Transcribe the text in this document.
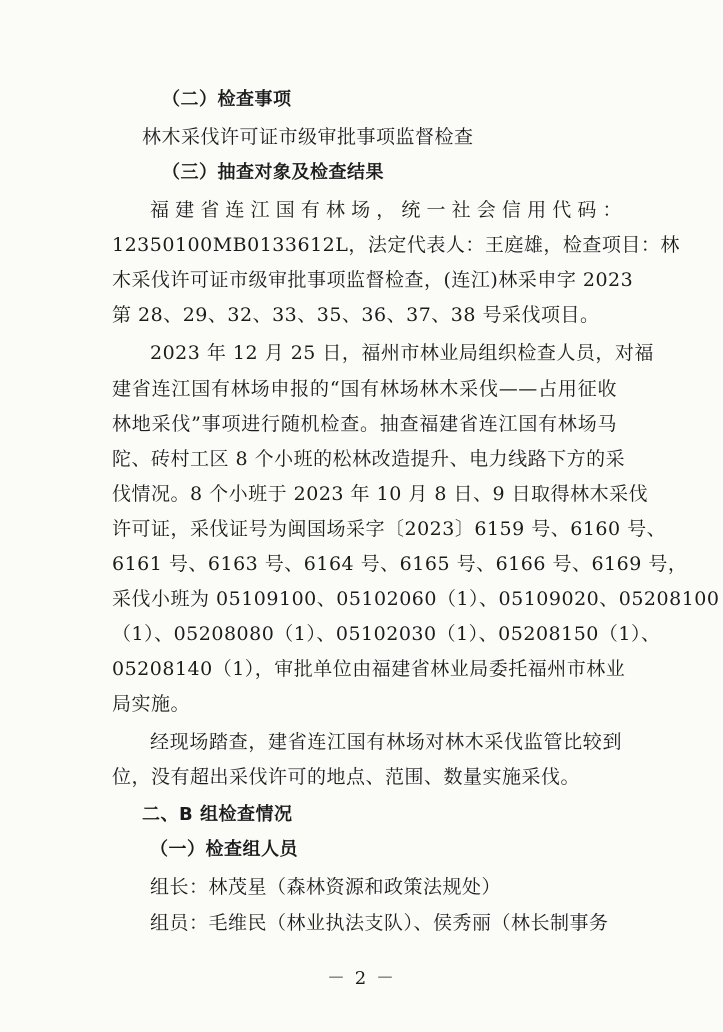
（二）检查事项
林木采伐许可证市级审批事项监督检查
（三）抽查对象及检查结果
福建省连江国有林场，统一社会信用代码：
12350100MB0133612L，法定代表人：王庭雄，检查项目：林
木采伐许可证市级审批事项监督检查，(连江)林采申字 2023
第 28、29、32、33、35、36、37、38 号采伐项目。
2023 年 12 月 25 日，福州市林业局组织检查人员，对福
建省连江国有林场申报的“国有林场林木采伐——占用征收
林地采伐”事项进行随机检查。抽查福建省连江国有林场马
陀、砖村工区 8 个小班的松林改造提升、电力线路下方的采
伐情况。8 个小班于 2023 年 10 月 8 日、9 日取得林木采伐
许可证，采伐证号为闽国场采字〔2023〕6159 号、6160 号、
6161 号、6163 号、6164 号、6165 号、6166 号、6169 号，
采伐小班为 05109100、05102060（1）、05109020、05208100
（1）、05208080（1）、05102030（1）、05208150（1）、
05208140（1），审批单位由福建省林业局委托福州市林业
局实施。
经现场踏查，建省连江国有林场对林木采伐监管比较到
位，没有超出采伐许可的地点、范围、数量实施采伐。
二、B 组检查情况
（一）检查组人员
组长：林茂星（森林资源和政策法规处）
组员：毛维民（林业执法支队）、侯秀丽（林长制事务
－ 2 －
